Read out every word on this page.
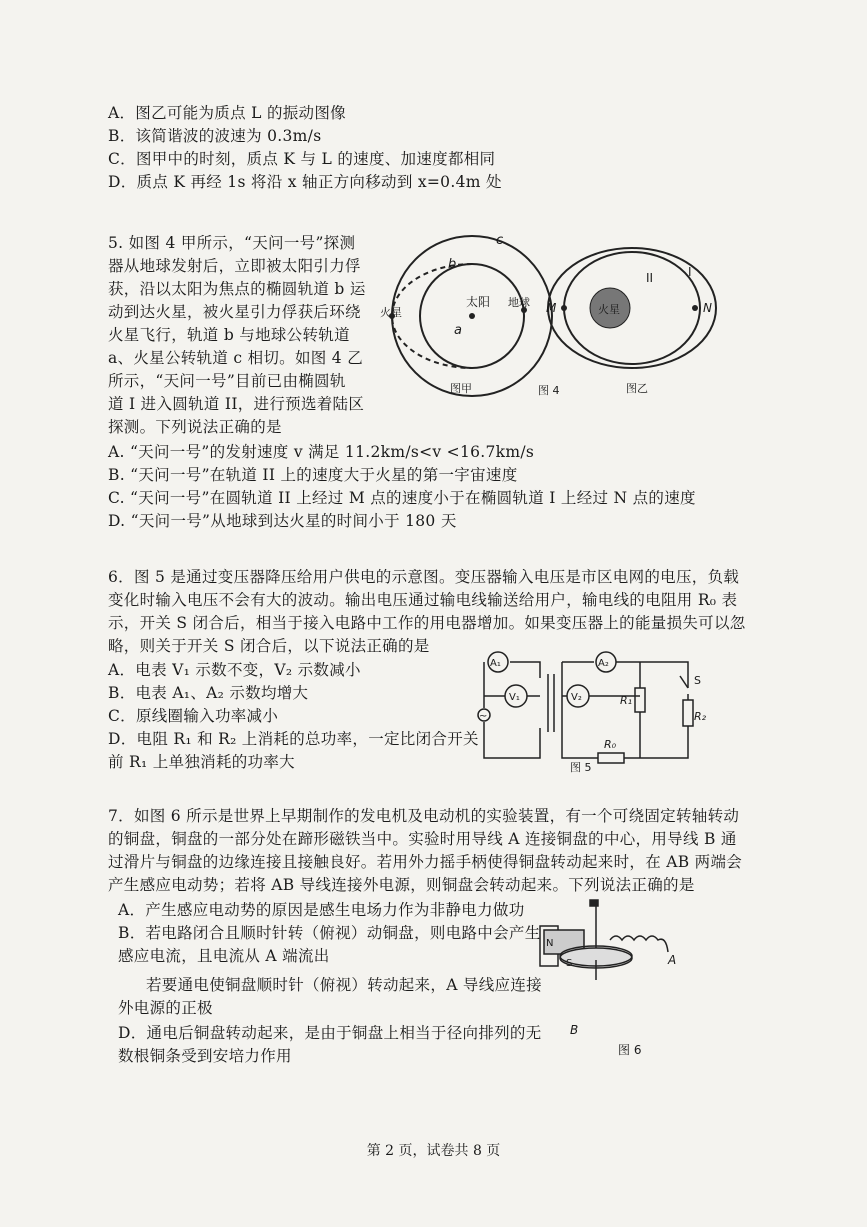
A．图乙可能为质点 L 的振动图像
B．该简谐波的波速为 0.3m/s
C．图甲中的时刻，质点 K 与 L 的速度、加速度都相同
D．质点 K 再经 1s 将沿 x 轴正方向移动到 x=0.4m 处
5. 如图 4 甲所示，“天问一号”探测
器从地球发射后，立即被太阳引力俘
获，沿以太阳为焦点的椭圆轨道 b 运
动到达火星，被火星引力俘获后环绕
火星飞行，轨道 b 与地球公转轨道
a、火星公转轨道 c 相切。如图 4 乙
所示，“天问一号”目前已由椭圆轨
道 I 进入圆轨道 II，进行预选着陆区
探测。下列说法正确的是
太阳
火星
地球
c
b
a
图甲	图 4
火星
M	N
II	I
图乙
A. “天问一号”的发射速度 v 满足 11.2km/s<v <16.7km/s
B. “天问一号”在轨道 II 上的速度大于火星的第一宇宙速度
C. “天问一号”在圆轨道 II 上经过 M 点的速度小于在椭圆轨道 I 上经过 N 点的速度
D. “天问一号”从地球到达火星的时间小于 180 天
6．图 5 是通过变压器降压给用户供电的示意图。变压器输入电压是市区电网的电压，负载
变化时输入电压不会有大的波动。输出电压通过输电线输送给用户，输电线的电阻用 R₀ 表
示，开关 S 闭合后，相当于接入电路中工作的用电器增加。如果变压器上的能量损失可以忽
略，则关于开关 S 闭合后，以下说法正确的是
A．电表 V₁ 示数不变，V₂ 示数减小
B．电表 A₁、A₂ 示数均增大
C．原线圈输入功率减小
D．电阻 R₁ 和 R₂ 上消耗的总功率，一定比闭合开关
前 R₁ 上单独消耗的功率大
A₁	A₂
V₁	V₂	R₁
R₂
R₀
S
~
图 5
7．如图 6 所示是世界上早期制作的发电机及电动机的实验装置，有一个可绕固定转轴转动
的铜盘，铜盘的一部分处在蹄形磁铁当中。实验时用导线 A 连接铜盘的中心，用导线 B 通
过滑片与铜盘的边缘连接且接触良好。若用外力摇手柄使得铜盘转动起来时，在 AB 两端会
产生感应电动势；若将 AB 导线连接外电源，则铜盘会转动起来。下列说法正确的是
A．产生感应电动势的原因是感生电场力作为非静电力做功
B．若电路闭合且顺时针转（俯视）动铜盘，则电路中会产生
感应电流，且电流从 A 端流出
若要通电使铜盘顺时针（俯视）转动起来，A 导线应连接
外电源的正极
D．通电后铜盘转动起来，是由于铜盘上相当于径向排列的无
数根铜条受到安培力作用
N
S	A
B
图 6
第 2 页，试卷共 8 页
